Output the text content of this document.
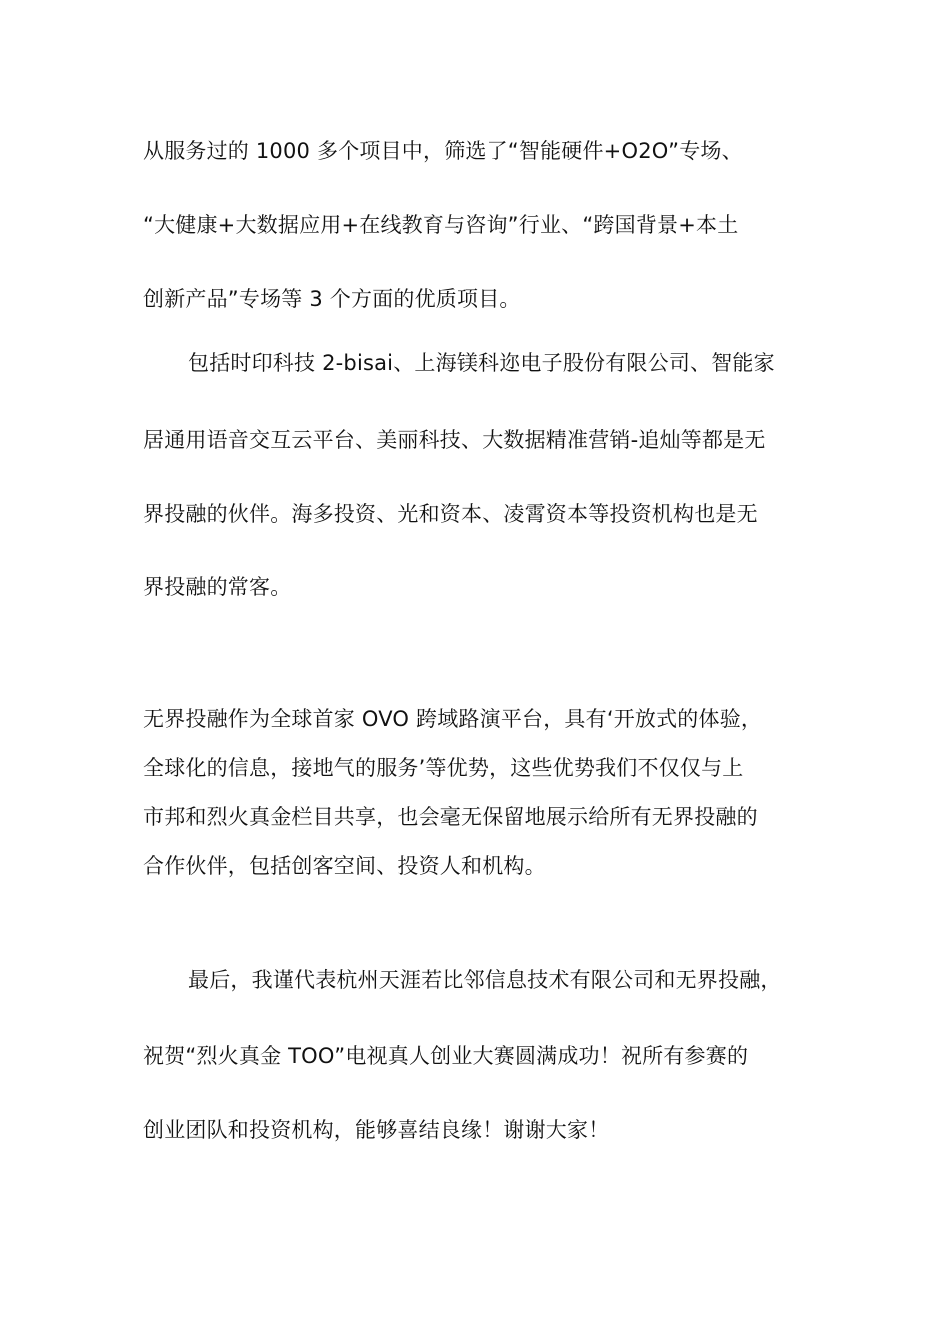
从服务过的 1000 多个项目中，筛选了“智能硬件+O2O”专场、
“大健康+大数据应用+在线教育与咨询”行业、“跨国背景+本土
创新产品”专场等 3 个方面的优质项目。
包括时印科技 2-bisai、上海镁科迩电子股份有限公司、智能家
居通用语音交互云平台、美丽科技、大数据精准营销-追灿等都是无
界投融的伙伴。海多投资、光和资本、凌霄资本等投资机构也是无
界投融的常客。
无界投融作为全球首家 OVO 跨域路演平台，具有‘开放式的体验，
全球化的信息，接地气的服务’等优势，这些优势我们不仅仅与上
市邦和烈火真金栏目共享，也会毫无保留地展示给所有无界投融的
合作伙伴，包括创客空间、投资人和机构。
最后，我谨代表杭州天涯若比邻信息技术有限公司和无界投融，
祝贺“烈火真金 TOO”电视真人创业大赛圆满成功！祝所有参赛的
创业团队和投资机构，能够喜结良缘！谢谢大家！
